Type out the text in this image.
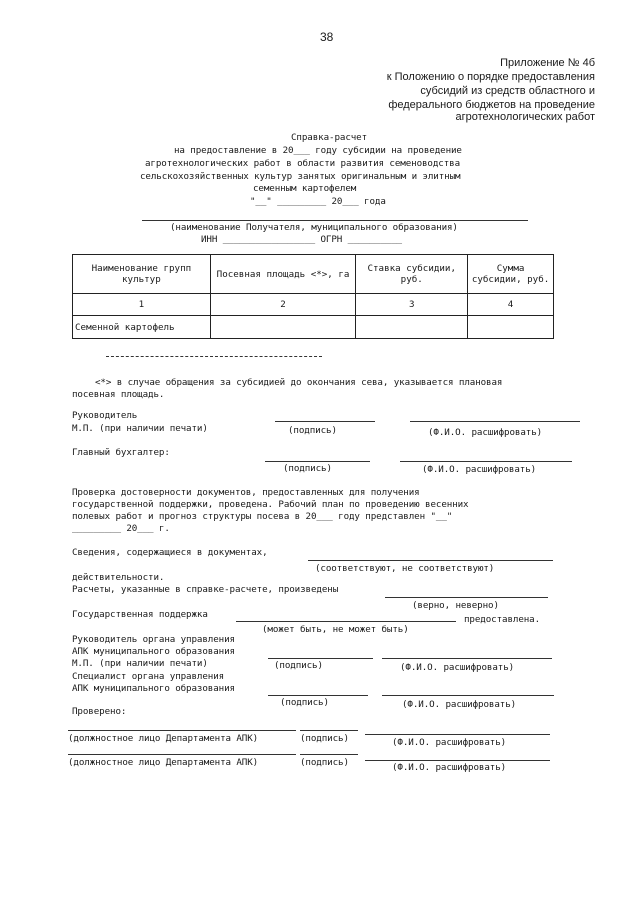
38
Приложение № 4б
к Положению о порядке предоставления
субсидий из средств областного и
федерального бюджетов на проведение
агротехнологических работ
Справка-расчет
на предоставление в 20___ году субсидии на проведение
агротехнологических работ в области развития семеноводства
сельскохозяйственных культур занятых оригинальным и элитным
семенным картофелем
"__" _________ 20___ года
(наименование Получателя, муниципального образования)
ИНН _________________ ОГРН __________
Наименование групп культур	Посевная площадь <*>, га	Ставка субсидии, руб.	Сумма субсидии, руб.
1	2	3	4
Семенной картофель			
<*> в случае обращения за субсидией до окончания сева, указывается плановая
посевная площадь.
Руководитель
М.П. (при наличии печати)	(подпись)	(Ф.И.О. расшифровать)
Главный бухгалтер:
(подпись)	(Ф.И.О. расшифровать)
Проверка достоверности документов, предоставленных для получения
государственной поддержки, проведена. Рабочий план по проведению весенних
полевых работ и прогноз структуры посева в 20___ году представлен "__"
_________ 20___ г.
Сведения, содержащиеся в документах,
(соответствуют, не соответствуют)
действительности.
Расчеты, указанные в справке-расчете, произведены
(верно, неверно)
Государственная поддержка	предоставлена.
(может быть, не может быть)
Руководитель органа управления
АПК муниципального образования
М.П. (при наличии печати)	(подпись)	(Ф.И.О. расшифровать)
Специалист органа управления
АПК муниципального образования
(подпись)	(Ф.И.О. расшифровать)
Проверено:
(должностное лицо Департамента АПК)	(подпись)	(Ф.И.О. расшифровать)
(должностное лицо Департамента АПК)	(подпись)	(Ф.И.О. расшифровать)
